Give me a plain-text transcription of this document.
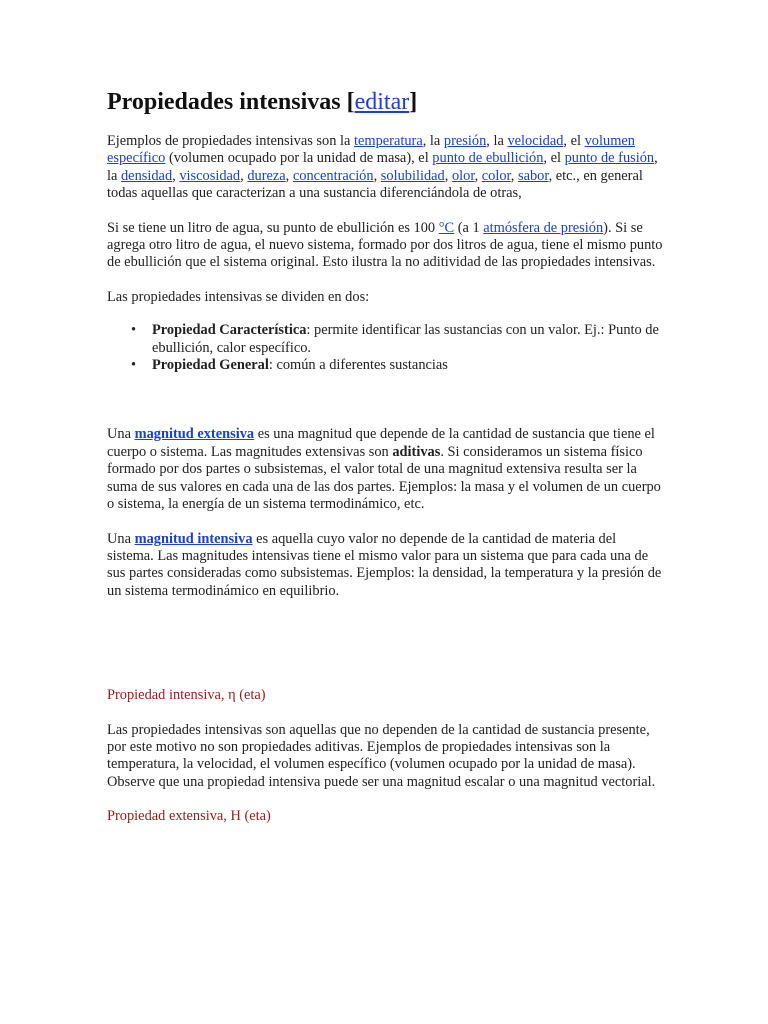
Propiedades intensivas [editar]

Ejemplos de propiedades intensivas son la temperatura, la presión, la velocidad, el volumen específico (volumen ocupado por la unidad de masa), el punto de ebullición, el punto de fusión, la densidad, viscosidad, dureza, concentración, solubilidad, olor, color, sabor, etc., en general todas aquellas que caracterizan a una sustancia diferenciándola de otras,

Si se tiene un litro de agua, su punto de ebullición es 100 °C (a 1 atmósfera de presión). Si se agrega otro litro de agua, el nuevo sistema, formado por dos litros de agua, tiene el mismo punto de ebullición que el sistema original. Esto ilustra la no aditividad de las propiedades intensivas.

Las propiedades intensivas se dividen en dos:

• Propiedad Característica: permite identificar las sustancias con un valor. Ej.: Punto de ebullición, calor específico.
• Propiedad General: común a diferentes sustancias

Una magnitud extensiva es una magnitud que depende de la cantidad de sustancia que tiene el cuerpo o sistema. Las magnitudes extensivas son aditivas. Si consideramos un sistema físico formado por dos partes o subsistemas, el valor total de una magnitud extensiva resulta ser la suma de sus valores en cada una de las dos partes. Ejemplos: la masa y el volumen de un cuerpo o sistema, la energía de un sistema termodinámico, etc.

Una magnitud intensiva es aquella cuyo valor no depende de la cantidad de materia del sistema. Las magnitudes intensivas tiene el mismo valor para un sistema que para cada una de sus partes consideradas como subsistemas. Ejemplos: la densidad, la temperatura y la presión de un sistema termodinámico en equilibrio.

Propiedad intensiva, η (eta)

Las propiedades intensivas son aquellas que no dependen de la cantidad de sustancia presente, por este motivo no son propiedades aditivas. Ejemplos de propiedades intensivas son la temperatura, la velocidad, el volumen específico (volumen ocupado por la unidad de masa). Observe que una propiedad intensiva puede ser una magnitud escalar o una magnitud vectorial.

Propiedad extensiva, Η (eta)
